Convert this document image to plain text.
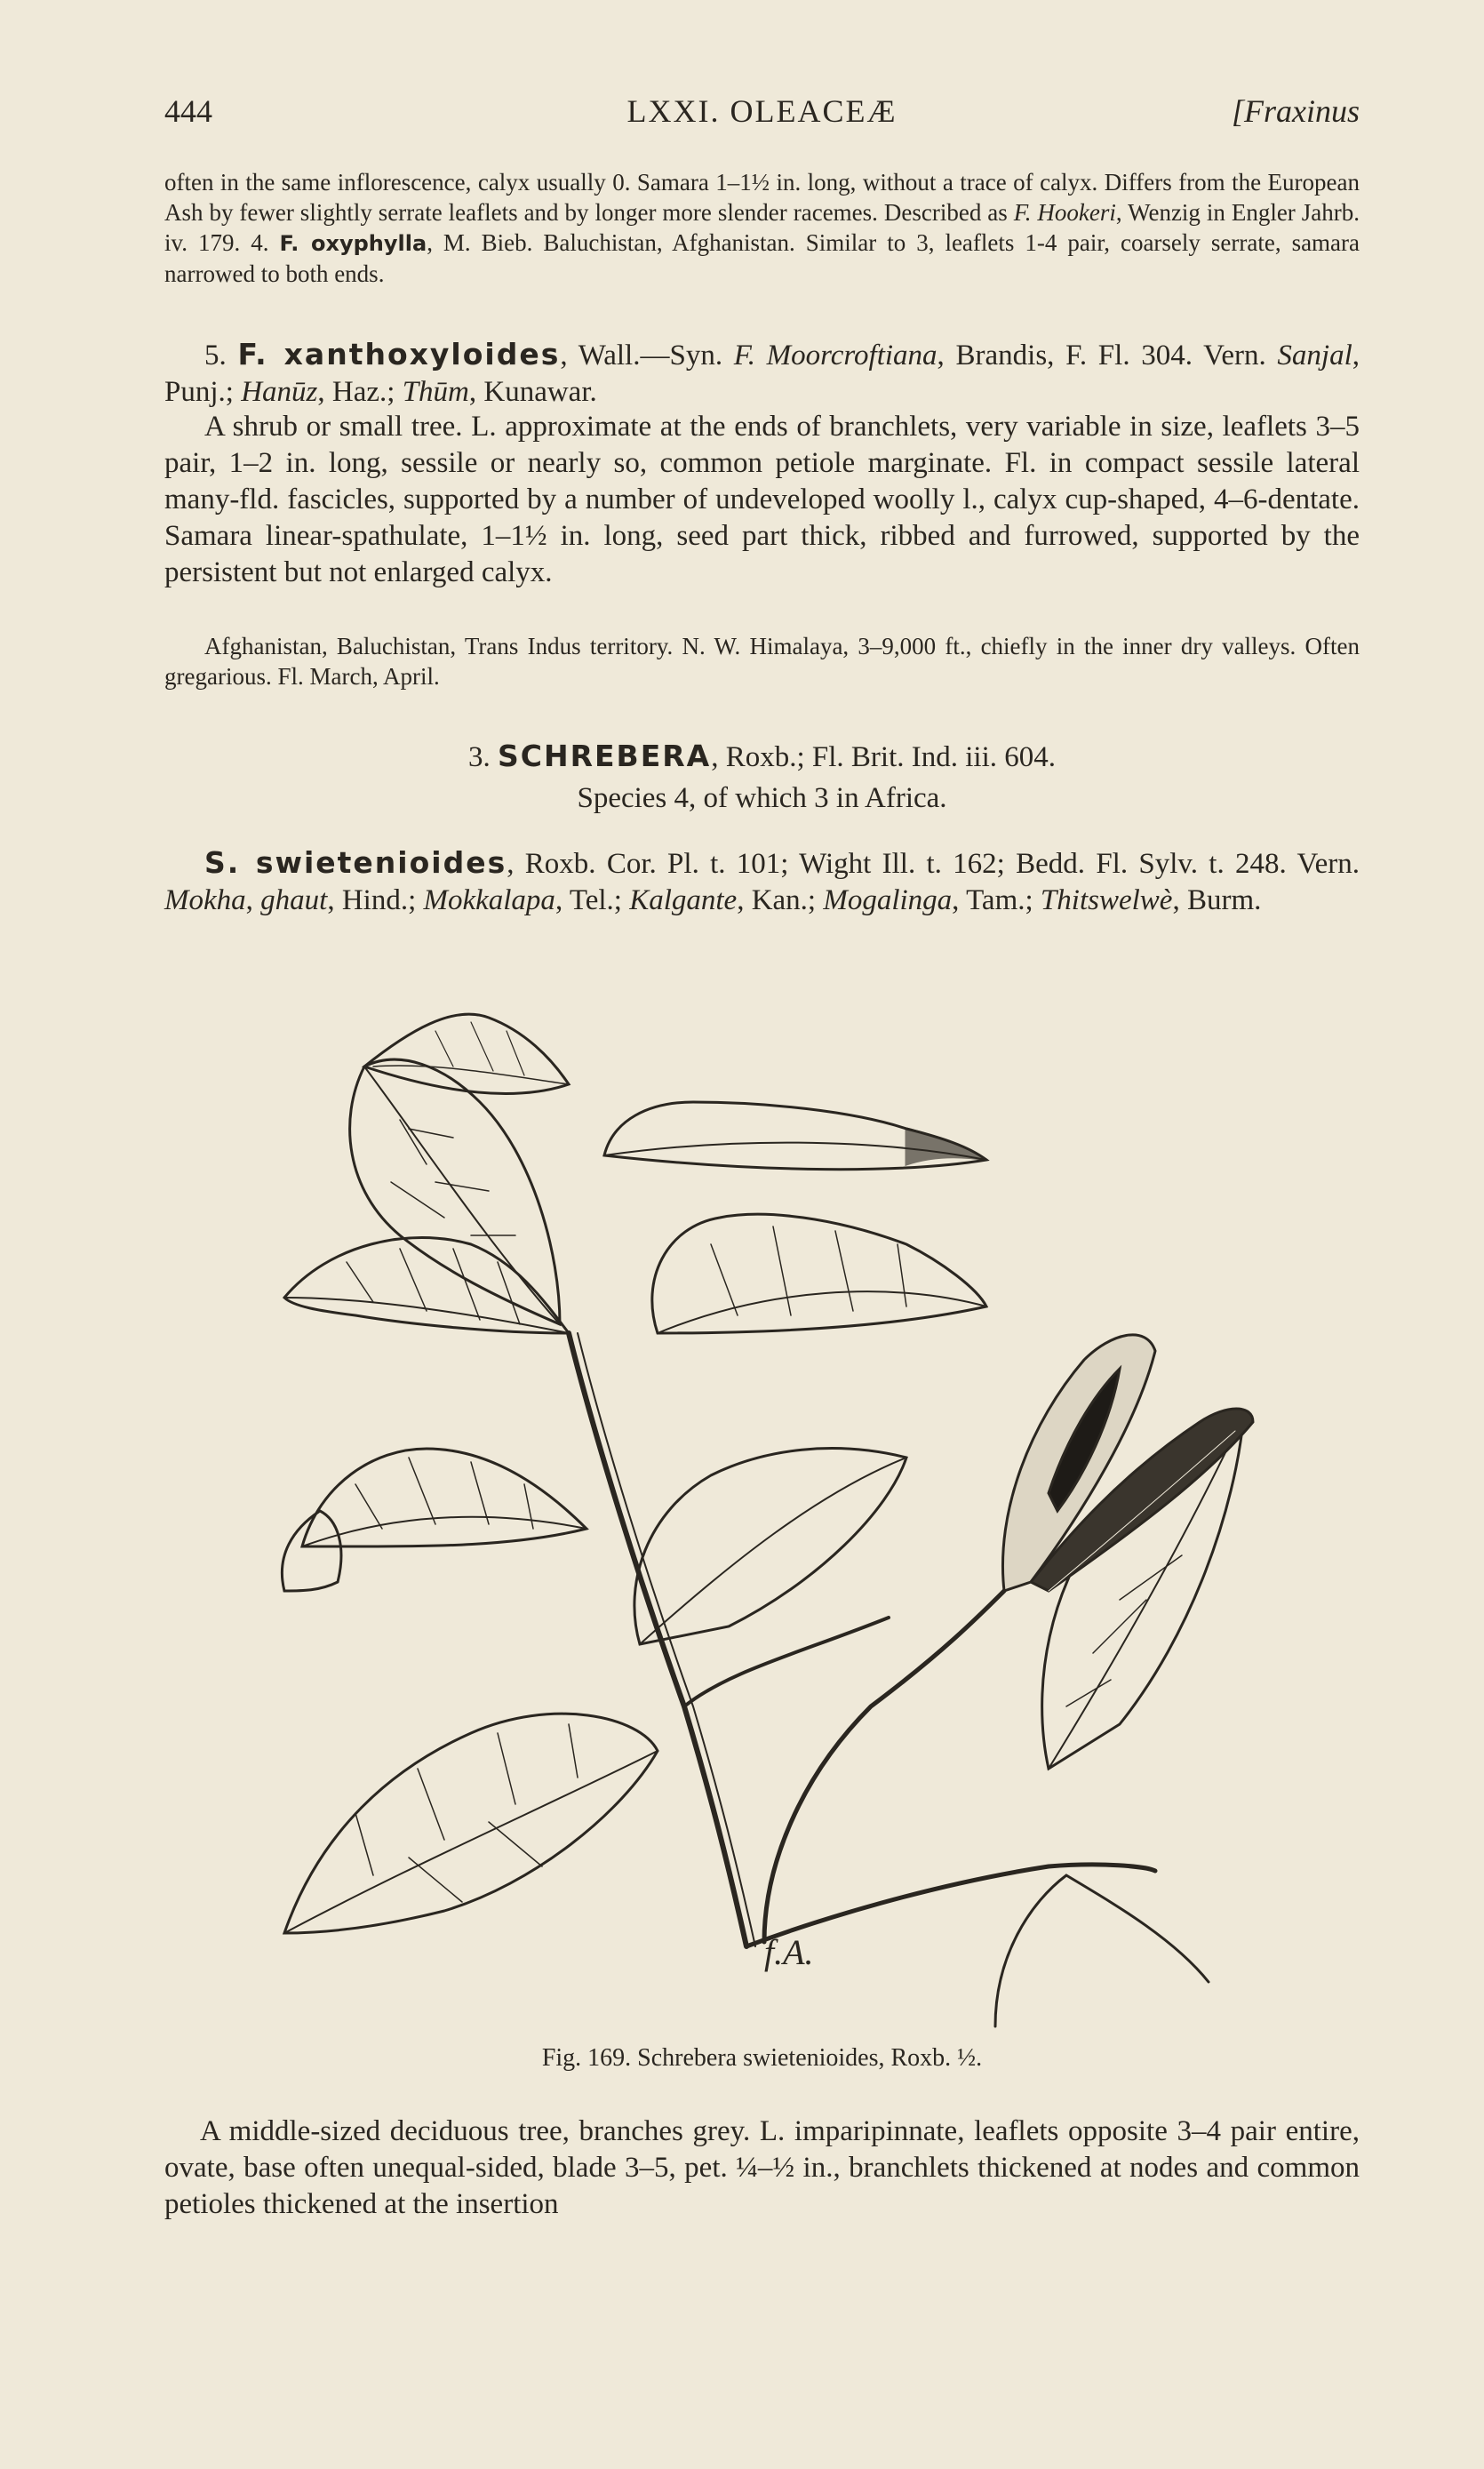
444	LXXI. OLEACEÆ	[Fraxinus
often in the same inflorescence, calyx usually 0. Samara 1–1½ in. long, without a trace of calyx. Differs from the European Ash by fewer slightly serrate leaflets and by longer more slender racemes. Described as F. Hookeri, Wenzig in Engler Jahrb. iv. 179. 4. F. oxyphylla, M. Bieb. Baluchistan, Afghanistan. Similar to 3, leaflets 1-4 pair, coarsely serrate, samara narrowed to both ends.
5. F. xanthoxyloides, Wall.—Syn. F. Moorcroftiana, Brandis, F. Fl. 304. Vern. Sanjal, Punj.; Hanūz, Haz.; Thūm, Kunawar.
A shrub or small tree. L. approximate at the ends of branchlets, very variable in size, leaflets 3–5 pair, 1–2 in. long, sessile or nearly so, common petiole marginate. Fl. in compact sessile lateral many-fld. fascicles, supported by a number of undeveloped woolly l., calyx cup-shaped, 4–6-dentate. Samara linear-spathulate, 1–1½ in. long, seed part thick, ribbed and furrowed, supported by the persistent but not enlarged calyx.
Afghanistan, Baluchistan, Trans Indus territory. N. W. Himalaya, 3–9,000 ft., chiefly in the inner dry valleys. Often gregarious. Fl. March, April.
3. SCHREBERA, Roxb.; Fl. Brit. Ind. iii. 604.
Species 4, of which 3 in Africa.
S. swietenioides, Roxb. Cor. Pl. t. 101; Wight Ill. t. 162; Bedd. Fl. Sylv. t. 248. Vern. Mokha, ghaut, Hind.; Mokkalapa, Tel.; Kalgante, Kan.; Mogalinga, Tam.; Thitswelwè, Burm.
f.A.
Fig. 169. Schrebera swietenioides, Roxb. ½.
A middle-sized deciduous tree, branches grey. L. imparipinnate, leaflets opposite 3–4 pair entire, ovate, base often unequal-sided, blade 3–5, pet. ¼–½ in., branchlets thickened at nodes and common petioles thickened at the insertion
